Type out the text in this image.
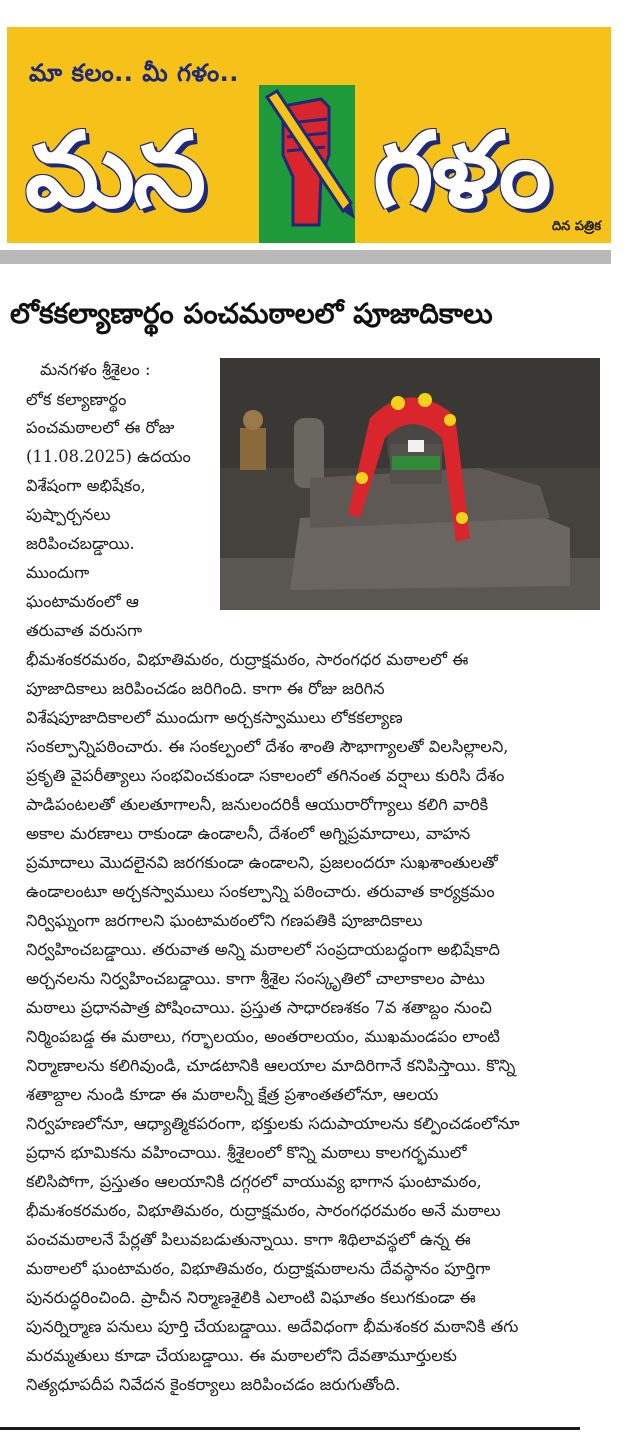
మా కలం.. మీ గళం..
మన గళం దిన పత్రిక
లోకకల్యాణార్థం పంచమఠాలలో పూజాదికాలు
మనగళం శ్రీశైలం :
లోక కల్యాణార్థం
పంచమఠాలలో ఈ రోజు
(11.08.2025) ఉదయం
విశేషంగా అభిషేకం,
పుష్పార్చనలు
జరిపించబడ్డాయి.
ముందుగా
ఘంటామఠంలో ఆ
తరువాత వరుసగా
భీమశంకరమఠం, విభూతిమఠం, రుద్రాక్షమఠం, సారంగధర మఠాలలో ఈ
పూజాదికాలు జరిపించడం జరిగింది. కాగా ఈ రోజు జరిగిన
విశేషపూజాదికాలలో ముందుగా అర్చకస్వాములు లోకకల్యాణ
సంకల్పాన్నిపఠించారు. ఈ సంకల్పంలో దేశం శాంతి సౌభాగ్యాలతో విలసిల్లాలని,
ప్రకృతి వైపరీత్యాలు సంభవించకుండా సకాలంలో తగినంత వర్షాలు కురిసి దేశం
పాడిపంటలతో తులతూగాలనీ, జనులందరికీ ఆయురారోగ్యాలు కలిగి వారికి
అకాల మరణాలు రాకుండా ఉండాలనీ, దేశంలో అగ్నిప్రమాదాలు, వాహన
ప్రమాదాలు మొదలైనవి జరగకుండా ఉండాలని, ప్రజలందరూ సుఖశాంతులతో
ఉండాలంటూ అర్చకస్వాములు సంకల్పాన్ని పఠించారు. తరువాత కార్యక్రమం
నిర్విఘ్నంగా జరగాలని ఘంటామఠంలోని గణపతికి పూజాదికాలు
నిర్వహించబడ్డాయి. తరువాత అన్ని మఠాలలో సంప్రదాయబద్ధంగా అభిషేకాది
అర్చనలను నిర్వహించబడ్డాయి. కాగా శ్రీశైల సంస్కృతిలో చాలాకాలం పాటు
మఠాలు ప్రధానపాత్ర పోషించాయి. ప్రస్తుత సాధారణశకం 7వ శతాబ్దం నుంచి
నిర్మింపబడ్డ ఈ మఠాలు, గర్భాలయం, అంతరాలయం, ముఖమండపం లాంటి
నిర్మాణాలను కలిగివుండి, చూడటానికి ఆలయాల మాదిరిగానే కనిపిస్తాయి. కొన్ని
శతాబ్దాల నుండి కూడా ఈ మఠాలన్నీ క్షేత్ర ప్రశాంతతలోనూ, ఆలయ
నిర్వహణలోనూ, ఆధ్యాత్మికపరంగా, భక్తులకు సదుపాయాలను కల్పించడంలోనూ
ప్రధాన భూమికను వహించాయి. శ్రీశైలంలో కొన్ని మఠాలు కాలగర్భములో
కలిసిపోగా, ప్రస్తుతం ఆలయానికి దగ్గరలో వాయువ్య భాగాన ఘంటామఠం,
భీమశంకరమఠం, విభూతిమఠం, రుద్రాక్షమఠం, సారంగధరమఠం అనే మఠాలు
పంచమఠాలనే పేర్లతో పిలువబడుతున్నాయి. కాగా శిథిలావస్థలో ఉన్న ఈ
మఠాలలో ఘంటామఠం, విభూతిమఠం, రుద్రాక్షమఠాలను దేవస్థానం పూర్తిగా
పునరుద్ధరించింది. ప్రాచీన నిర్మాణశైలికి ఎలాంటి విఘాతం కలుగకుండా ఈ
పునర్నిర్మాణ పనులు పూర్తి చేయబడ్డాయి. అదేవిధంగా భీమశంకర మఠానికి తగు
మరమ్మతులు కూడా చేయబడ్డాయి. ఈ మఠాలలోని దేవతామూర్తులకు
నిత్యధూపదీప నివేదన కైంకర్యాలు జరిపించడం జరుగుతోంది.
